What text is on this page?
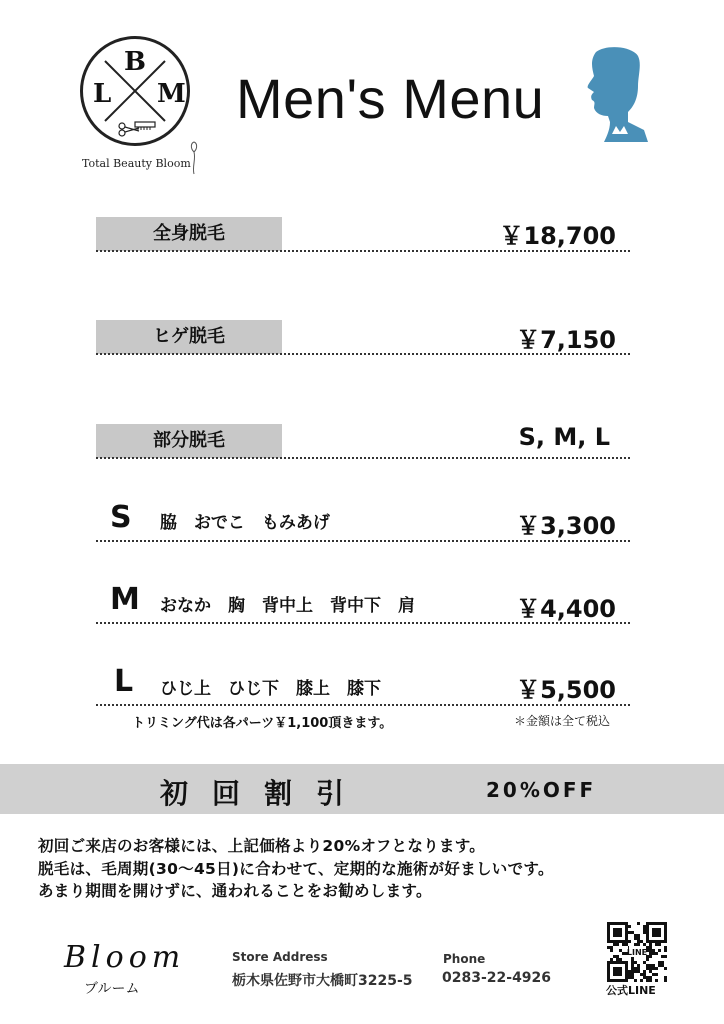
B
L M
Total Beauty Bloom
Men's Menu
全身脱毛	￥18,700
ヒゲ脱毛	￥7,150
部分脱毛	S, M, L
S 脇　おでこ　もみあげ	￥3,300
M おなか　胸　背中上　背中下　肩	￥4,400
L ひじ上　ひじ下　膝上　膝下	￥5,500
トリミング代は各パーツ￥1,100頂きます。	＊金額は全て税込
初回割引	20%OFF
初回ご来店のお客様には、上記価格より20%オフとなります。
脱毛は、毛周期(30〜45日)に合わせて、定期的な施術が好ましいです。
あまり期間を開けずに、通われることをお勧めします。
Bloom
ブルーム
Store Address
栃木県佐野市大橋町3225-5
Phone
0283-22-4926
LINE
公式LINE
